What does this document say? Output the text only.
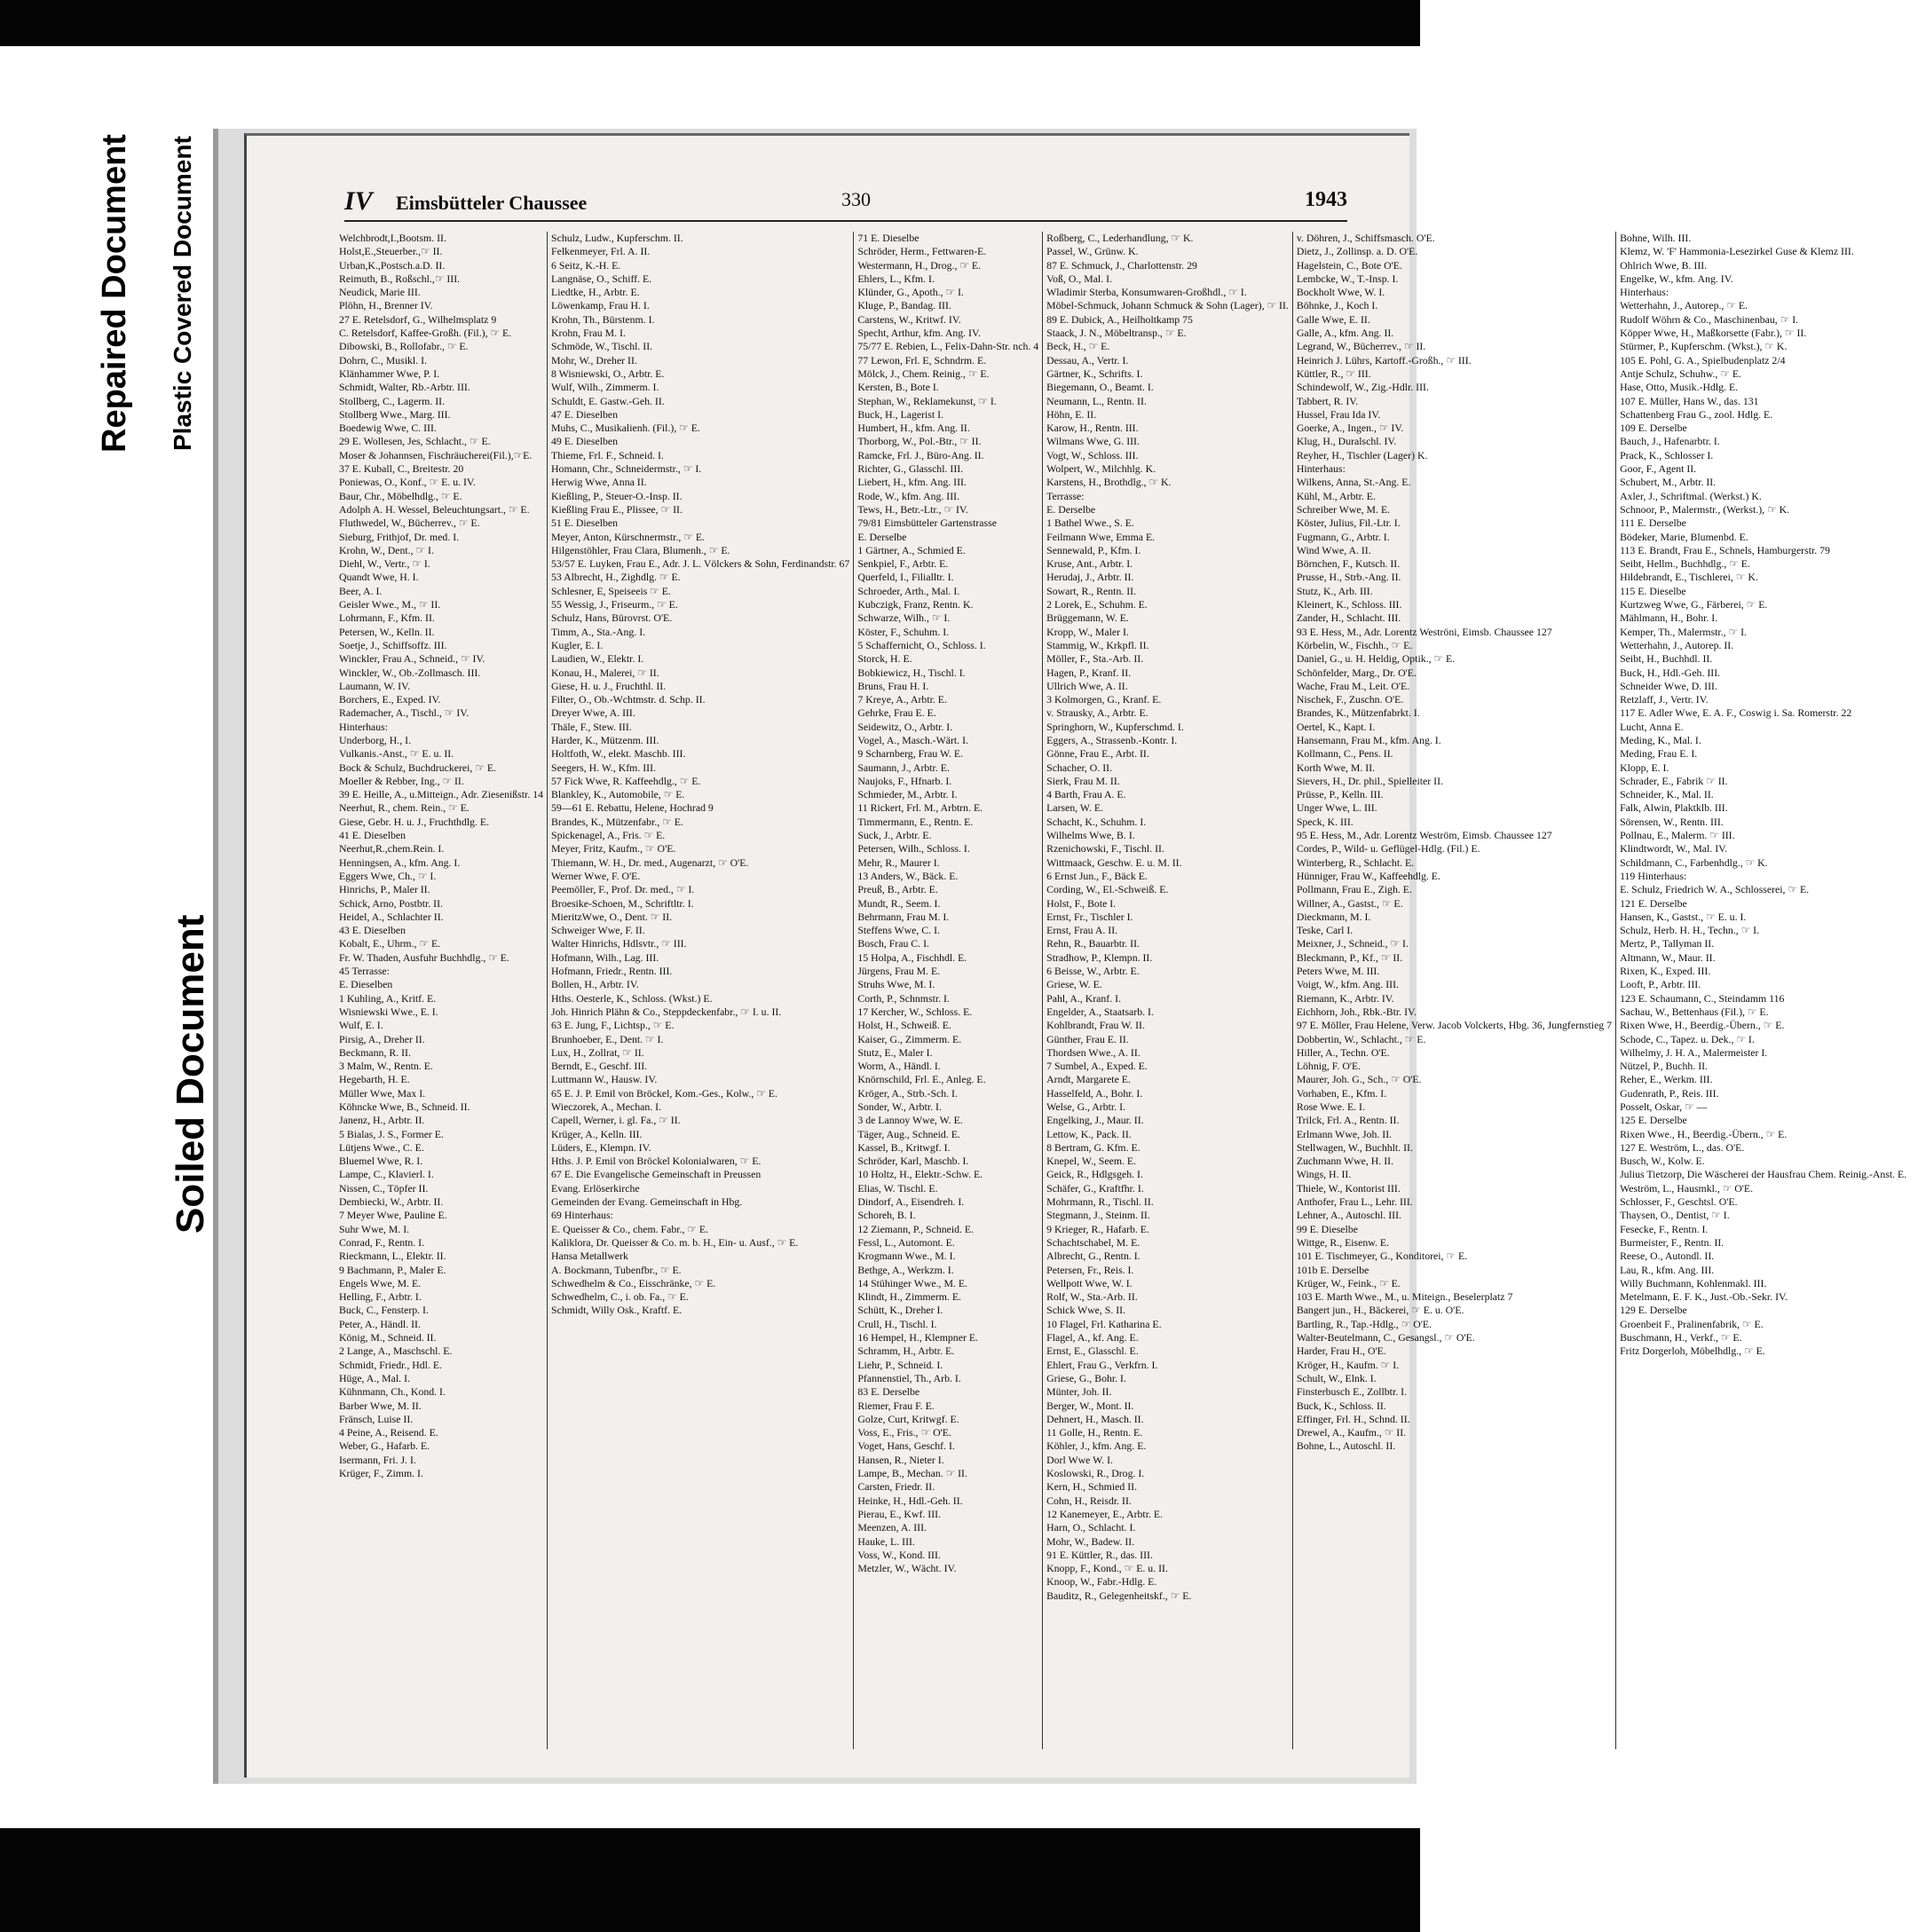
Repaired Document Plastic Covered Document
Soiled Document
IV Eimsbütteler Chaussee	330	1943
Welchbrodt,I.,Bootsm. II.
Holst,E.,Steuerber.,☞ II.
Urban,K.,Postsch.a.D. II.
Reimuth, B., Roßschl.,☞ III.
Neudick, Marie III.
Plöhn, H., Brenner IV.
27 E. Retelsdorf, G., Wilhelmsplatz 9
C. Retelsdorf, Kaffee-Großh. (Fil.), ☞ E.
Dibowski, B., Rollofabr., ☞ E.
Dohrn, C., Musikl. I.
Klänhammer Wwe, P. I.
Schmidt, Walter, Rb.-Arbtr. III.
Stollberg, C., Lagerm. II.
Stollberg Wwe., Marg. III.
Boedewig Wwe, C. III.
29 E. Wollesen, Jes, Schlacht., ☞ E.
Moser & Johannsen, Fischräucherei(Fil.),☞E.
37 E. Kuball, C., Breitestr. 20
Poniewas, O., Konf., ☞ E. u. IV.
Baur, Chr., Möbelhdlg., ☞ E.
Adolph A. H. Wessel, Beleuchtungsart., ☞ E.
Fluthwedel, W., Bücherrev., ☞ E.
Sieburg, Frithjof, Dr. med. I.
Krohn, W., Dent., ☞ I.
Diehl, W., Vertr., ☞ I.
Quandt Wwe, H. I.
Beer, A. I.
Geisler Wwe., M., ☞ II.
Lohrmann, F., Kfm. II.
Petersen, W., Kelln. II.
Soetje, J., Schiffsoffz. III.
Winckler, Frau A., Schneid., ☞ IV.
Winckler, W., Ob.-Zollmasch. III.
Laumann, W. IV.
Borchers, E., Exped. IV.
Rademacher, A., Tischl., ☞ IV.
Hinterhaus:
Underborg, H., I.
Vulkanis.-Anst., ☞ E. u. II.
Bock & Schulz, Buchdruckerei, ☞ E.
Moeller & Rebber, Ing., ☞ II.
39 E. Heille, A., u.Mitteign., Adr. Ziesenißstr. 14
Neerhut, R., chem. Rein., ☞ E.
Giese, Gebr. H. u. J., Fruchthdlg. E.
41 E. Dieselben
Neerhut,R.,chem.Rein. I.
Henningsen, A., kfm. Ang. I.
Eggers Wwe, Ch., ☞ I.
Hinrichs, P., Maler II.
Schick, Arno, Postbtr. II.
Heidel, A., Schlachter II.
43 E. Dieselben
Kobalt, E., Uhrm., ☞ E.
Fr. W. Thaden, Ausfuhr Buchhdlg., ☞ E.
45 Terrasse:
E. Dieselben
1 Kuhling, A., Kritf. E.
Wisniewski Wwe., E. I.
Wulf, E. I.
Pirsig, A., Dreher II.
Beckmann, R. II.
3 Malm, W., Rentn. E.
Hegebarth, H. E.
Müller Wwe, Max I.
Köhncke Wwe, B., Schneid. II.
Janenz, H., Arbtr. II.
5 Bialas, J. S., Former E.
Lütjens Wwe., C. E.
Bluemel Wwe, R. I.
Lampe, C., Klavierl. I.
Nissen, C., Töpfer II.
Dembiecki, W., Arbtr. II.
7 Meyer Wwe, Pauline E.
Suhr Wwe, M. I.
Conrad, F., Rentn. I.
Rieckmann, L., Elektr. II.
9 Bachmann, P., Maler E.
Engels Wwe, M. E.
Helling, F., Arbtr. I.
Buck, C., Fensterp. I.
Peter, A., Händl. II.
König, M., Schneid. II.
2 Lange, A., Maschschl. E.
Schmidt, Friedr., Hdl. E.
Hüge, A., Mal. I.
Kühnmann, Ch., Kond. I.
Barber Wwe, M. II.
Fränsch, Luise II.
4 Peine, A., Reisend. E.
Weber, G., Hafarb. E.
Isermann, Fri. J. I.
Krüger, F., Zimm. I.
Schulz, Ludw., Kupferschm. II.
Felkenmeyer, Frl. A. II.
6 Seitz, K.-H. E.
Langnäse, O., Schiff. E.
Liedtke, H., Arbtr. E.
Löwenkamp, Frau H. I.
Krohn, Th., Bürstenm. I.
Krohn, Frau M. I.
Schmöde, W., Tischl. II.
Mohr, W., Dreher II.
8 Wisniewski, O., Arbtr. E.
Wulf, Wilh., Zimmerm. I.
Schuldt, E. Gastw.-Geh. II.
47 E. Dieselben
Muhs, C., Musikalienh. (Fil.), ☞ E.
49 E. Dieselben
Thieme, Frl. F., Schneid. I.
Homann, Chr., Schneidermstr., ☞ I.
Herwig Wwe, Anna II.
Kießling, P., Steuer-O.-Insp. II.
Kießling Frau E., Plissee, ☞ II.
51 E. Dieselben
Meyer, Anton, Kürschnermstr., ☞ E.
Hilgenstöhler, Frau Clara, Blumenh., ☞ E.
53/57 E. Luyken, Frau E., Adr. J. L. Völckers & Sohn, Ferdinandstr. 67
53 Albrecht, H., Zighdlg. ☞ E.
Schlesner, E, Speiseeis ☞ E.
55 Wessig, J., Friseurm., ☞ E.
Schulz, Hans, Bürovrst. O'E.
Timm, A., Sta.-Ang. I.
Kugler, E. I.
Laudien, W., Elektr. I.
Konau, H., Malerei, ☞ II.
Giese, H. u. J., Fruchthl. II.
Filter, O., Ob.-Wchtmstr. d. Schp. II.
Dreyer Wwe, A. III.
Thäle, F., Stew. III.
Harder, K., Mützenm. III.
Holtfoth, W., elekt. Maschb. III.
Seegers, H. W., Kfm. III.
57 Fick Wwe, R. Kaffeehdlg., ☞ E.
Blankley, K., Automobile, ☞ E.
59—61 E. Rebattu, Helene, Hochrad 9
Brandes, K., Mützenfabr., ☞ E.
Spickenagel, A., Fris. ☞ E.
Meyer, Fritz, Kaufm., ☞ O'E.
Thiemann, W. H., Dr. med., Augenarzt, ☞ O'E.
Werner Wwe, F. O'E.
Peemöller, F., Prof. Dr. med., ☞ I.
Broesike-Schoen, M., Schriftltr. I.
MieritzWwe, O., Dent. ☞ II.
Schweiger Wwe, F. II.
Walter Hinrichs, Hdlsvtr., ☞ III.
Hofmann, Wilh., Lag. III.
Hofmann, Friedr., Rentn. III.
Bollen, H., Arbtr. IV.
Hths. Oesterle, K., Schloss. (Wkst.) E.
Joh. Hinrich Plähn & Co., Steppdeckenfabr., ☞ I. u. II.
63 E. Jung, F., Lichtsp., ☞ E.
Brunhoeber, E., Dent. ☞ I.
Lux, H., Zollrat, ☞ II.
Berndt, E., Geschf. III.
Luttmann W., Hausw. IV.
65 E. J. P. Emil von Bröckel, Kom.-Ges., Kolw., ☞ E.
Wieczorek, A., Mechan. I.
Capell, Werner, i. gl. Fa., ☞ II.
Krüger, A., Kelln. III.
Lüders, E., Klempn. IV.
Hths. J. P. Emil von Bröckel Kolonialwaren, ☞ E.
67 E. Die Evangelische Gemeinschaft in Preussen
Evang. Erlöserkirche
Gemeinden der Evang. Gemeinschaft in Hbg.
69 Hinterhaus:
E. Queisser & Co., chem. Fabr., ☞ E.
Kaliklora, Dr. Queisser & Co. m. b. H., Ein- u. Ausf., ☞ E.
Hansa Metallwerk
A. Bockmann, Tubenfbr., ☞ E.
Schwedhelm & Co., Eisschränke, ☞ E.
Schwedhelm, C., i. ob. Fa., ☞ E.
Schmidt, Willy Osk., Kraftf. E.
71 E. Dieselbe
Schröder, Herm., Fettwaren-E.
Westermann, H., Drog., ☞ E.
Ehlers, L., Kfm. I.
Klünder, G., Apoth., ☞ I.
Kluge, P., Bandag. III.
Carstens, W., Kritwf. IV.
Specht, Arthur, kfm. Ang. IV.
75/77 E. Rebien, L., Felix-Dahn-Str. nch. 4
77 Lewon, Frl. E, Schndrm. E.
Mölck, J., Chem. Reinig., ☞ E.
Kersten, B., Bote I.
Stephan, W., Reklamekunst, ☞ I.
Buck, H., Lagerist I.
Humbert, H., kfm. Ang. II.
Thorborg, W., Pol.-Btr., ☞ II.
Ramcke, Frl. J., Büro-Ang. II.
Richter, G., Glasschl. III.
Liebert, H., kfm. Ang. III.
Rode, W., kfm. Ang. III.
Tews, H., Betr.-Ltr., ☞ IV.
79/81 Eimsbütteler Gartenstrasse
E. Derselbe
1 Gärtner, A., Schmied E.
Senkpiel, F., Arbtr. E.
Querfeld, I., Filialltr. I.
Schroeder, Arth., Mal. I.
Kubczigk, Franz, Rentn. K.
Schwarze, Wilh., ☞ I.
Köster, F., Schuhm. I.
5 Schaffernicht, O., Schloss. I.
Storck, H. E.
Bobkiewicz, H., Tischl. I.
Bruns, Frau H. I.
7 Kreye, A., Arbtr. E.
Gehrke, Frau E. E.
Seidewitz, O., Arbtr. I.
Vogel, A., Masch.-Wärt. I.
9 Scharnberg, Frau W. E.
Saumann, J., Arbtr. E.
Naujoks, F., Hfnarb. I.
Schmieder, M., Arbtr. I.
11 Rickert, Frl. M., Arbtrn. E.
Timmermann, E., Rentn. E.
Suck, J., Arbtr. E.
Petersen, Wilh., Schloss. I.
Mehr, R., Maurer I.
13 Anders, W., Bäck. E.
Preuß, B., Arbtr. E.
Mundt, R., Seem. I.
Behrmann, Frau M. I.
Steffens Wwe, C. I.
Bosch, Frau C. I.
15 Holpa, A., Fischhdl. E.
Jürgens, Frau M. E.
Struhs Wwe, M. I.
Corth, P., Schnmstr. I.
17 Kercher, W., Schloss. E.
Holst, H., Schweiß. E.
Kaiser, G., Zimmerm. E.
Stutz, E., Maler I.
Worm, A., Händl. I.
Knörnschild, Frl. E., Anleg. E.
Kröger, A., Strb.-Sch. I.
Sonder, W., Arbtr. I.
3 de Lannoy Wwe, W. E.
Täger, Aug., Schneid. E.
Kassel, B., Kritwgf. I.
Schröder, Karl, Maschb. I.
10 Holtz, H., Elektr.-Schw. E.
Elias, W. Tischl. E.
Dindorf, A., Eisendreh. I.
Schoreh, B. I.
12 Ziemann, P., Schneid. E.
Fessl, L., Automont. E.
Krogmann Wwe., M. I.
Bethge, A., Werkzm. I.
14 Stühinger Wwe., M. E.
Klindt, H., Zimmerm. E.
Schütt, K., Dreher I.
Crull, H., Tischl. I.
16 Hempel, H., Klempner E.
Schramm, H., Arbtr. E.
Liehr, P., Schneid. I.
Pfannenstiel, Th., Arb. I.
83 E. Derselbe
Riemer, Frau F. E.
Golze, Curt, Kritwgf. E.
Voss, E., Fris., ☞ O'E.
Voget, Hans, Geschf. I.
Hansen, R., Nieter I.
Lampe, B., Mechan. ☞ II.
Carsten, Friedr. II.
Heinke, H., Hdl.-Geh. II.
Pierau, E., Kwf. III.
Meenzen, A. III.
Hauke, L. III.
Voss, W., Kond. III.
Metzler, W., Wächt. IV.
Roßberg, C., Lederhandlung, ☞ K.
Passel, W., Grünw. K.
87 E. Schmuck, J., Charlottenstr. 29
Voß, O., Mal. I.
Wladimir Sterba, Konsumwaren-Großhdl., ☞ I.
Möbel-Schmuck, Johann Schmuck & Sohn (Lager), ☞ II.
89 E. Dubick, A., Heilholtkamp 75
Staack, J. N., Möbeltransp., ☞ E.
Beck, H., ☞ E.
Dessau, A., Vertr. I.
Gärtner, K., Schrifts. I.
Biegemann, O., Beamt. I.
Neumann, L., Rentn. II.
Höhn, E. II.
Karow, H., Rentn. III.
Wilmans Wwe, G. III.
Vogt, W., Schloss. III.
Wolpert, W., Milchhlg. K.
Karstens, H., Brothdlg., ☞ K.
Terrasse:
E. Derselbe
1 Bathel Wwe., S. E.
Feilmann Wwe, Emma E.
Sennewald, P., Kfm. I.
Kruse, Ant., Arbtr. I.
Herudaj, J., Arbtr. II.
Sowart, R., Rentn. II.
2 Lorek, E., Schuhm. E.
Brüggemann, W. E.
Kropp, W., Maler I.
Stammig, W., Krkpfl. II.
Möller, F., Sta.-Arb. II.
Hagen, P., Kranf. II.
Ullrich Wwe, A. II.
3 Kolmorgen, G., Kranf. E.
v. Strausky, A., Arbtr. E.
Springhorn, W., Kupferschmd. I.
Eggers, A., Strassenb.-Kontr. I.
Gönne, Frau E., Arbt. II.
Schacher, O. II.
Sierk, Frau M. II.
4 Barth, Frau A. E.
Larsen, W. E.
Schacht, K., Schuhm. I.
Wilhelms Wwe, B. I.
Rzenichowski, F., Tischl. II.
Wittmaack, Geschw. E. u. M. II.
6 Ernst Jun., F., Bäck E.
Cording, W., El.-Schweiß. E.
Holst, F., Bote I.
Ernst, Fr., Tischler I.
Ernst, Frau A. II.
Rehn, R., Bauarbtr. II.
Stradhow, P., Klempn. II.
6 Beisse, W., Arbtr. E.
Griese, W. E.
Pahl, A., Kranf. I.
Engelder, A., Staatsarb. I.
Kohlbrandt, Frau W. II.
Günther, Frau E. II.
Thordsen Wwe., A. II.
7 Sumbel, A., Exped. E.
Arndt, Margarete E.
Hasselfeld, A., Bohr. I.
Welse, G., Arbtr. I.
Engelking, J., Maur. II.
Lettow, K., Pack. II.
8 Bertram, G. Kfm. E.
Knepel, W., Seem. E.
Geick, R., Hdlgsgeh. I.
Schäfer, G., Kraftfhr. I.
Mohrmann, R., Tischl. II.
Stegmann, J., Steinm. II.
9 Krieger, R., Hafarb. E.
Schachtschabel, M. E.
Albrecht, G., Rentn. I.
Petersen, Fr., Reis. I.
Wellpott Wwe, W. I.
Rolf, W., Sta.-Arb. II.
Schick Wwe, S. II.
10 Flagel, Frl. Katharina E.
Flagel, A., kf. Ang. E.
Ernst, E., Glasschl. E.
Ehlert, Frau G., Verkfrn. I.
Griese, G., Bohr. I.
Münter, Joh. II.
Berger, W., Mont. II.
Dehnert, H., Masch. II.
11 Golle, H., Rentn. E.
Köhler, J., kfm. Ang. E.
Dorl Wwe W. I.
Koslowski, R., Drog. I.
Kern, H., Schmied II.
Cohn, H., Reisdr. II.
12 Kanemeyer, E., Arbtr. E.
Harn, O., Schlacht. I.
Mohr, W., Badew. II.
91 E. Küttler, R., das. III.
Knopp, F., Kond., ☞ E. u. II.
Knoop, W., Fabr.-Hdlg. E.
Bauditz, R., Gelegenheitskf., ☞ E.
v. Döhren, J., Schiffsmasch. O'E.
Dietz, J., Zollinsp. a. D. O'E.
Hagelstein, C., Bote O'E.
Lembcke, W., T.-Insp. I.
Bockholt Wwe, W. I.
Böhnke, J., Koch I.
Galle Wwe, E. II.
Galle, A., kfm. Ang. II.
Legrand, W., Bücherrev., ☞ II.
Heinrich J. Lührs, Kartoff.-Großh., ☞ III.
Küttler, R., ☞ III.
Schindewolf, W., Zig.-Hdlr. III.
Tabbert, R. IV.
Hussel, Frau Ida IV.
Goerke, A., Ingen., ☞ IV.
Klug, H., Duralschl. IV.
Reyher, H., Tischler (Lager) K.
Hinterhaus:
Wilkens, Anna, St.-Ang. E.
Kühl, M., Arbtr. E.
Schreiber Wwe, M. E.
Köster, Julius, Fil.-Ltr. I.
Fugmann, G., Arbtr. I.
Wind Wwe, A. II.
Börnchen, F., Kutsch. II.
Prusse, H., Strb.-Ang. II.
Stutz, K., Arb. III.
Kleinert, K., Schloss. III.
Zander, H., Schlacht. III.
93 E. Hess, M., Adr. Lorentz Weströni, Eimsb. Chaussee 127
Körbelin, W., Fischh., ☞ E.
Daniel, G., u. H. Heldig, Optik., ☞ E.
Schönfelder, Marg., Dr. O'E.
Wache, Frau M., Leit. O'E.
Nischek, F., Zuschn. O'E.
Brandes, K., Mützenfabrkt. I.
Oertel, K., Kapt. I.
Hansemann, Frau M., kfm. Ang. I.
Kollmann, C., Pens. II.
Korth Wwe, M. II.
Sievers, H., Dr. phil., Spielleiter II.
Prüsse, P., Kelln. III.
Unger Wwe, L. III.
Speck, K. III.
95 E. Hess, M., Adr. Lorentz Weström, Eimsb. Chaussee 127
Cordes, P., Wild- u. Geflügel-Hdlg. (Fil.) E.
Winterberg, R., Schlacht. E.
Hünniger, Frau W., Kaffeehdlg. E.
Pollmann, Frau E., Zigh. E.
Willner, A., Gastst., ☞ E.
Dieckmann, M. I.
Teske, Carl I.
Meixner, J., Schneid., ☞ I.
Bleckmann, P., Kf., ☞ II.
Peters Wwe, M. III.
Voigt, W., kfm. Ang. III.
Riemann, K., Arbtr. IV.
Eichhorn, Joh., Rbk.-Btr. IV.
97 E. Möller, Frau Helene, Verw. Jacob Volckerts, Hbg. 36, Jungfernstieg 7
Dobbertin, W., Schlacht., ☞ E.
Hiller, A., Techn. O'E.
Löhnig, F. O'E.
Maurer, Joh. G., Sch., ☞ O'E.
Vorhaben, E., Kfm. I.
Rose Wwe. E. I.
Trilck, Frl. A., Rentn. II.
Erlmann Wwe, Joh. II.
Stellwagen, W., Buchhlt. II.
Zuchmann Wwe, H. II.
Wings, H. II.
Thiele, W., Kontorist III.
Anthofer, Frau L., Lehr. III.
Lehner, A., Autoschl. III.
99 E. Dieselbe
Wittge, R., Eisenw. E.
101 E. Tischmeyer, G., Konditorei, ☞ E.
101b E. Derselbe
Krüger, W., Feink., ☞ E.
103 E. Marth Wwe., M., u. Miteign., Beselerplatz 7
Bangert jun., H., Bäckerei, ☞ E. u. O'E.
Bartling, R., Tap.-Hdlg., ☞ O'E.
Walter-Beutelmann, C., Gesangsl., ☞ O'E.
Harder, Frau H., O'E.
Kröger, H., Kaufm. ☞ I.
Schult, W., Elnk. I.
Finsterbusch E., Zollbtr. I.
Buck, K., Schloss. II.
Effinger, Frl. H., Schnd. II.
Drewel, A., Kaufm., ☞ II.
Bohne, L., Autoschl. II.
Bohne, Wilh. III.
Klemz, W. 'F' Hammonia-Lesezirkel Guse & Klemz III.
Ohlrich Wwe, B. III.
Engelke, W., kfm. Ang. IV.
Hinterhaus:
Wetterhahn, J., Autorep., ☞ E.
Rudolf Wöhrn & Co., Maschinenbau, ☞ I.
Köpper Wwe, H., Maßkorsette (Fabr.), ☞ II.
Stürmer, P., Kupferschm. (Wkst.), ☞ K.
105 E. Pohl, G. A., Spielbudenplatz 2/4
Antje Schulz, Schuhw., ☞ E.
Hase, Otto, Musik.-Hdlg. E.
107 E. Müller, Hans W., das. 131
Schattenberg Frau G., zool. Hdlg. E.
109 E. Derselbe
Bauch, J., Hafenarbtr. I.
Prack, K., Schlosser I.
Goor, F., Agent II.
Schubert, M., Arbtr. II.
Axler, J., Schriftmal. (Werkst.) K.
Schnoor, P., Malermstr., (Werkst.), ☞ K.
111 E. Derselbe
Bödeker, Marie, Blumenbd. E.
113 E. Brandt, Frau E., Schnels, Hamburgerstr. 79
Seibt, Hellm., Buchhdlg., ☞ E.
Hildebrandt, E., Tischlerei, ☞ K.
115 E. Dieselbe
Kurtzweg Wwe, G., Färberei, ☞ E.
Mählmann, H., Bohr. I.
Kemper, Th., Malermstr., ☞ I.
Wetterhahn, J., Autorep. II.
Seibt, H., Buchhdl. II.
Buck, H., Hdl.-Geh. III.
Schneider Wwe, D. III.
Retzlaff, J., Vertr. IV.
117 E. Adler Wwe, E. A. F., Coswig i. Sa. Romerstr. 22
Lucht, Anna E.
Meding, K., Mal. I.
Meding, Frau E. I.
Klopp, E. I.
Schrader, E., Fabrik ☞ II.
Schneider, K., Mal. II.
Falk, Alwin, Plaktklb. III.
Sörensen, W., Rentn. III.
Pollnau, E., Malerm. ☞ III.
Klindtwordt, W., Mal. IV.
Schildmann, C., Farbenhdlg., ☞ K.
119 Hinterhaus:
E. Schulz, Friedrich W. A., Schlosserei, ☞ E.
121 E. Derselbe
Hansen, K., Gastst., ☞ E. u. I.
Schulz, Herb. H. H., Techn., ☞ I.
Mertz, P., Tallyman II.
Altmann, W., Maur. II.
Rixen, K., Exped. III.
Looft, P., Arbtr. III.
123 E. Schaumann, C., Steindamm 116
Sachau, W., Bettenhaus (Fil.), ☞ E.
Rixen Wwe, H., Beerdig.-Übern., ☞ E.
Schode, C., Tapez. u. Dek., ☞ I.
Wilhelmy, J. H. A., Malermeister I.
Nützel, P., Buchh. II.
Reher, E., Werkm. III.
Gudenrath, P., Reis. III.
Posselt, Oskar, ☞ —
125 E. Derselbe
Rixen Wwe., H., Beerdig.-Übern., ☞ E.
127 E. Weström, L., das. O'E.
Busch, W., Kolw. E.
Julius Tietzorp, Die Wäscherei der Hausfrau Chem. Reinig.-Anst. E.
Weström, L., Hausmkl., ☞ O'E.
Schlosser, F., Geschtsl. O'E.
Thaysen, O., Dentist, ☞ I.
Fesecke, F., Rentn. I.
Burmeister, F., Rentn. II.
Reese, O., Autondl. II.
Lau, R., kfm. Ang. III.
Willy Buchmann, Kohlenmakl. III.
Metelmann, E. F. K., Just.-Ob.-Sekr. IV.
129 E. Derselbe
Groenbeit F., Pralinenfabrik, ☞ E.
Buschmann, H., Verkf., ☞ E.
Fritz Dorgerloh, Möbelhdlg., ☞ E.
